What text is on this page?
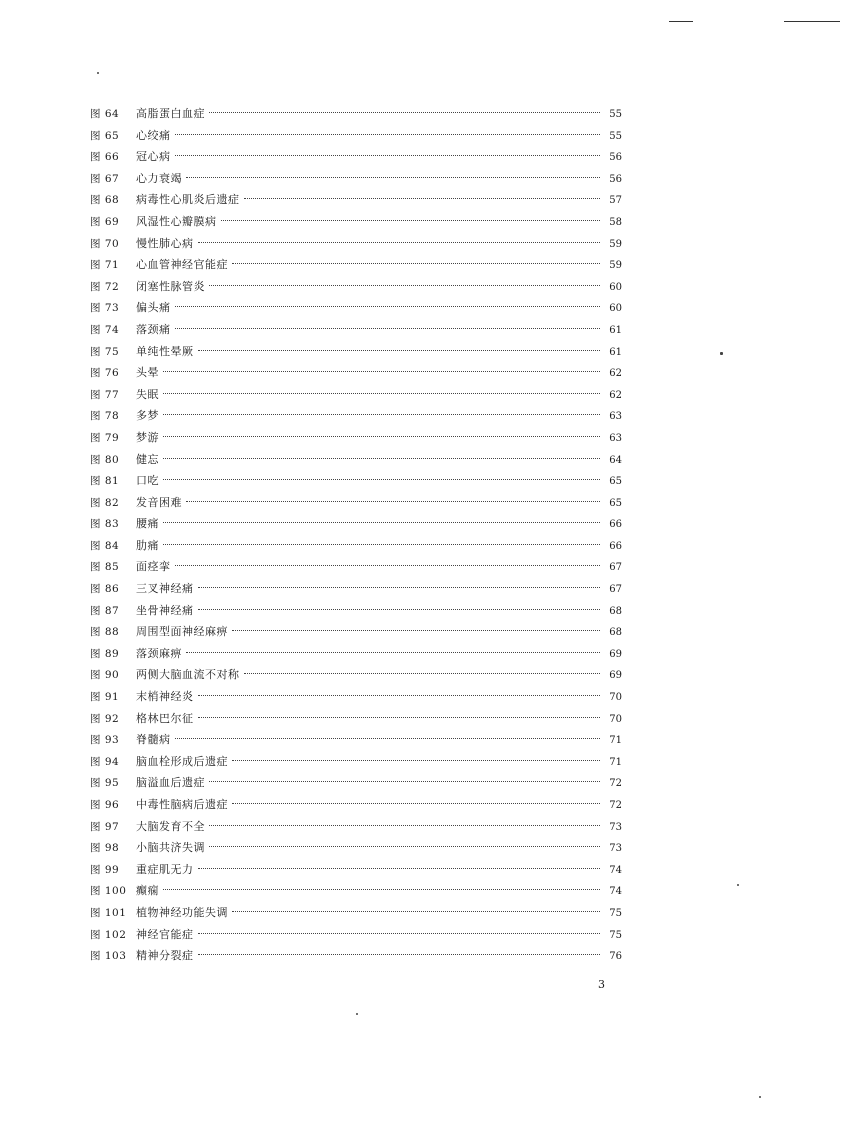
图 64	高脂蛋白血症	55
图 65	心绞痛	55
图 66	冠心病	56
图 67	心力衰竭	56
图 68	病毒性心肌炎后遗症	57
图 69	风湿性心瓣膜病	58
图 70	慢性肺心病	59
图 71	心血管神经官能症	59
图 72	闭塞性脉管炎	60
图 73	偏头痛	60
图 74	落颈痛	61
图 75	单纯性晕厥	61
图 76	头晕	62
图 77	失眠	62
图 78	多梦	63
图 79	梦游	63
图 80	健忘	64
图 81	口吃	65
图 82	发音困难	65
图 83	腰痛	66
图 84	肋痛	66
图 85	面痉挛	67
图 86	三叉神经痛	67
图 87	坐骨神经痛	68
图 88	周围型面神经麻痹	68
图 89	落颈麻痹	69
图 90	两侧大脑血流不对称	69
图 91	末梢神经炎	70
图 92	格林巴尔征	70
图 93	脊髓病	71
图 94	脑血栓形成后遗症	71
图 95	脑溢血后遗症	72
图 96	中毒性脑病后遗症	72
图 97	大脑发育不全	73
图 98	小脑共济失调	73
图 99	重症肌无力	74
图 100 癫痫	74
图 101 植物神经功能失调	75
图 102 神经官能症	75
图 103 精神分裂症	76
3
